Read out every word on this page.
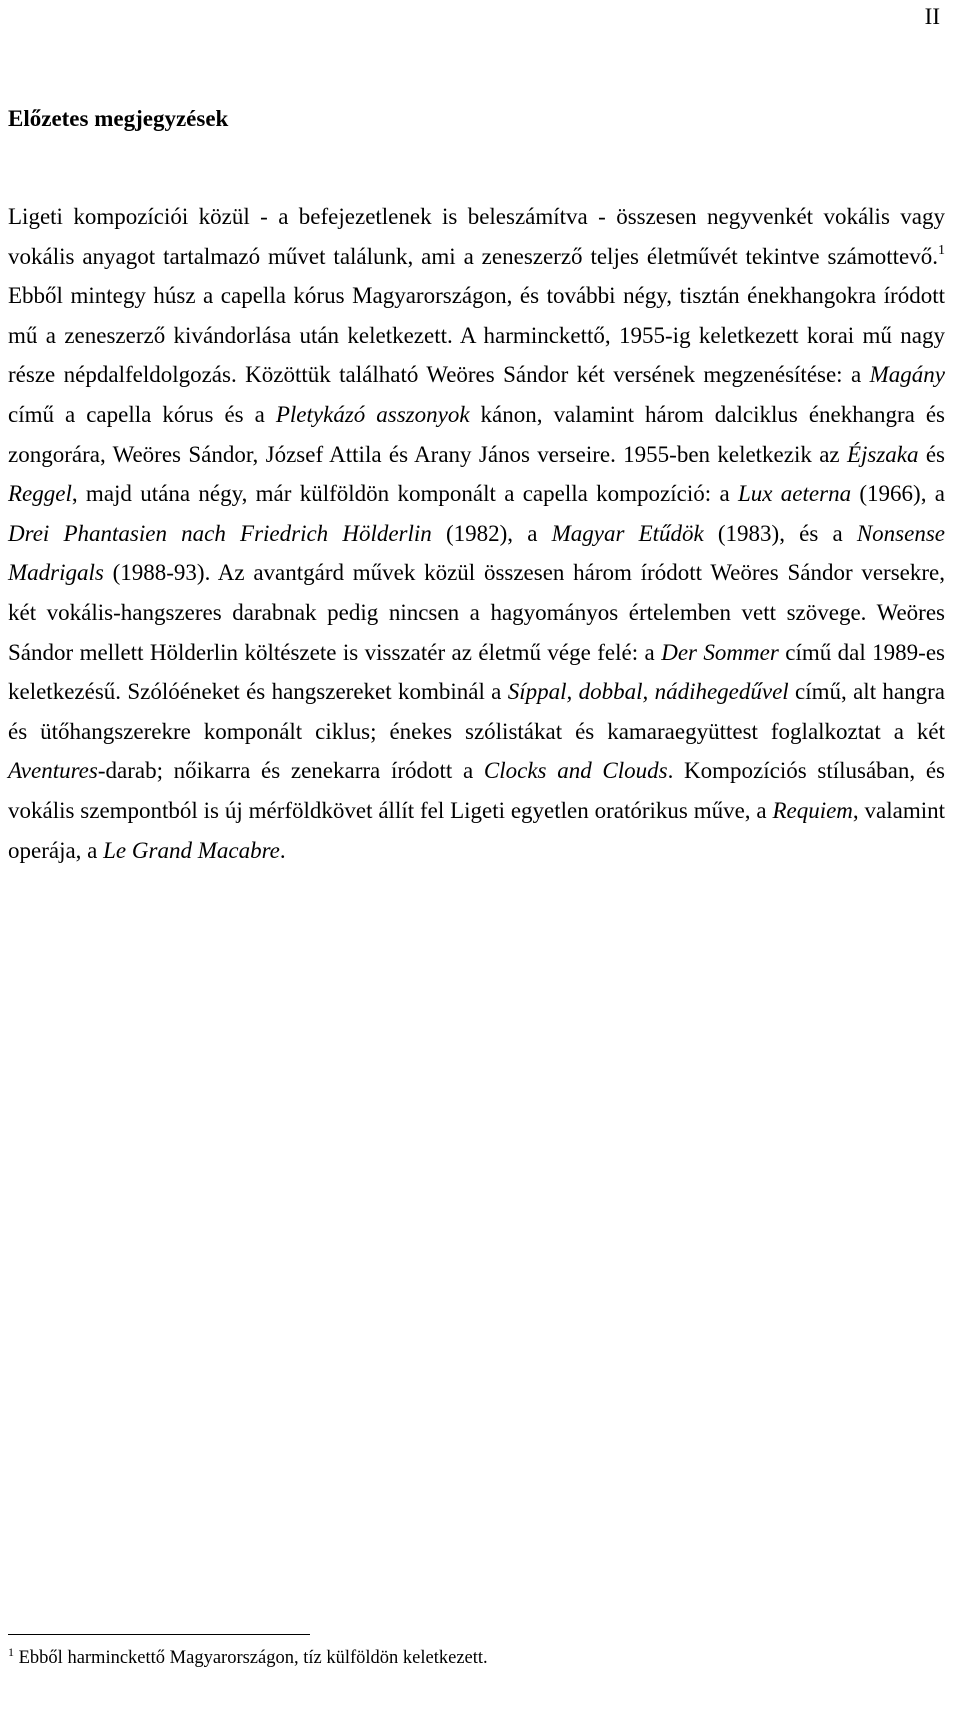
II
Előzetes megjegyzések

Ligeti kompozíciói közül - a befejezetlenek is beleszámítva - összesen negyvenkét vokális vagy vokális anyagot tartalmazó művet találunk, ami a zeneszerző teljes életművét tekintve számottevő.$^1$ Ebből mintegy húsz a capella kórus Magyarországon, és további négy, tisztán énekhangokra íródott mű a zeneszerző kivándorlása után keletkezett. A harminckettő, 1955-ig keletkezett korai mű nagy része népdalfeldolgozás. Közöttük található Weöres Sándor két versének megzenésítése: a Magány című a capella kórus és a Pletykázó asszonyok kánon, valamint három dalciklus énekhangra és zongorára, Weöres Sándor, József Attila és Arany János verseire. 1955-ben keletkezik az Éjszaka és Reggel, majd utána négy, már külföldön komponált a capella kompozíció: a Lux aeterna (1966), a Drei Phantasien nach Friedrich Hölderlin (1982), a Magyar Etűdök (1983), és a Nonsense Madrigals (1988-93). Az avantgárd művek közül összesen három íródott Weöres Sándor versekre, két vokális-hangszeres darabnak pedig nincsen a hagyományos értelemben vett szövege. Weöres Sándor mellett Hölderlin költészete is visszatér az életmű vége felé: a Der Sommer című dal 1989-es keletkezésű. Szólóéneket és hangszereket kombinál a Síppal, dobbal, nádihegedűvel című, alt hangra és ütőhangszerekre komponált ciklus; énekes szólistákat és kamaraegyüttest foglalkoztat a két Aventures-darab; nőikarra és zenekarra íródott a Clocks and Clouds. Kompozíciós stílusában, és vokális szempontból is új mérföldkövet állít fel Ligeti egyetlen oratórikus műve, a Requiem, valamint operája, a Le Grand Macabre.

$^1$ Ebből harminckettő Magyarországon, tíz külföldön keletkezett.
